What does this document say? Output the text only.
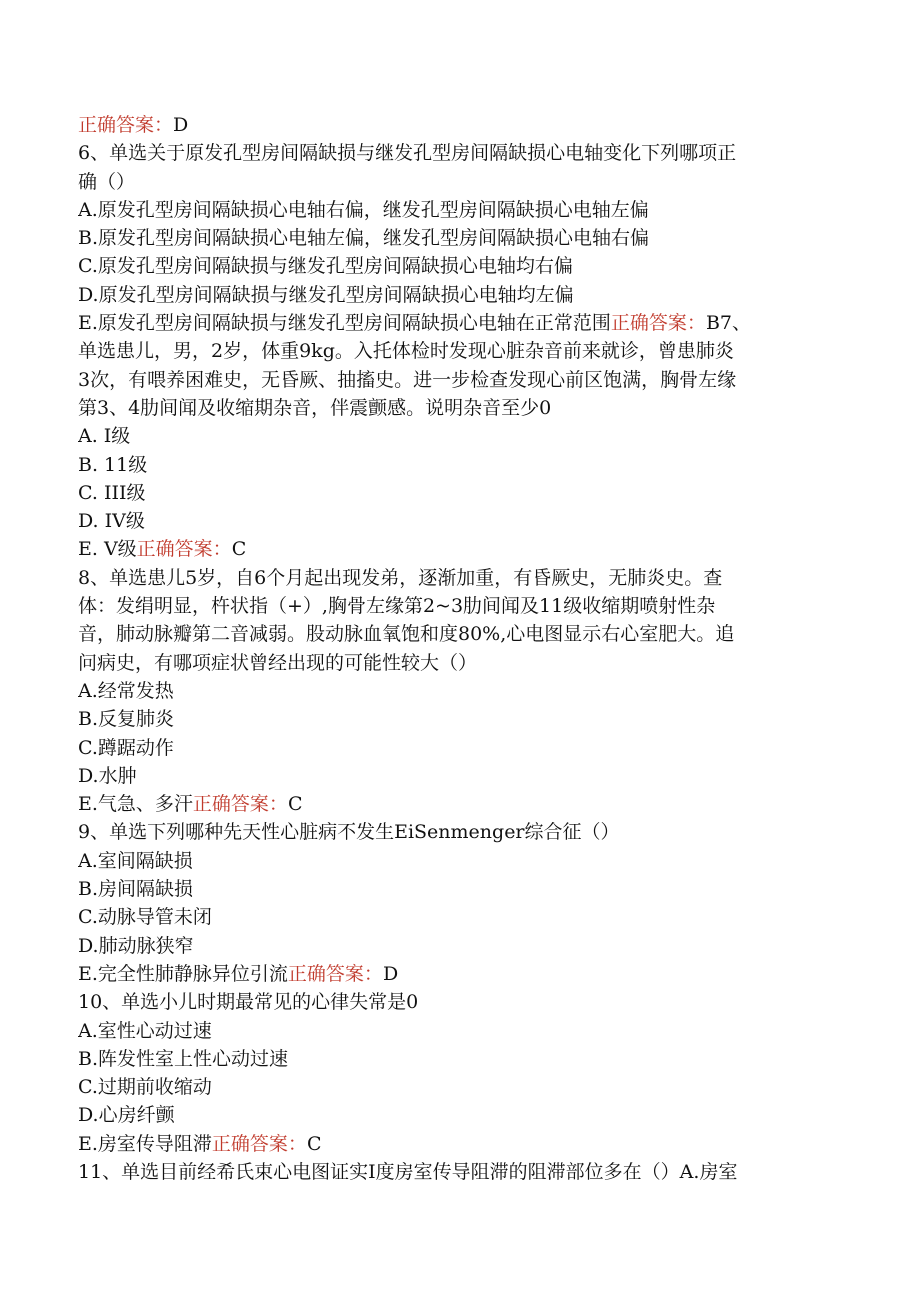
正确答案：D
6、单选关于原发孔型房间隔缺损与继发孔型房间隔缺损心电轴变化下列哪项正
确（）
A.原发孔型房间隔缺损心电轴右偏，继发孔型房间隔缺损心电轴左偏
B.原发孔型房间隔缺损心电轴左偏，继发孔型房间隔缺损心电轴右偏
C.原发孔型房间隔缺损与继发孔型房间隔缺损心电轴均右偏
D.原发孔型房间隔缺损与继发孔型房间隔缺损心电轴均左偏
E.原发孔型房间隔缺损与继发孔型房间隔缺损心电轴在正常范围正确答案：B7、
单选患儿，男，2岁，体重9kg。入托体检时发现心脏杂音前来就诊，曾患肺炎
3次，有喂养困难史，无昏厥、抽搐史。进一步检查发现心前区饱满，胸骨左缘
第3、4肋间闻及收缩期杂音，伴震颤感。说明杂音至少0
A. I级
B. 11级
C. III级
D. IV级
E. V级正确答案：C
8、单选患儿5岁，自6个月起出现发弟，逐渐加重，有昏厥史，无肺炎史。查
体：发绢明显，杵状指（+）,胸骨左缘第2~3肋间闻及11级收缩期喷射性杂
音，肺动脉瓣第二音减弱。股动脉血氧饱和度80%,心电图显示右心室肥大。追
问病史，有哪项症状曾经出现的可能性较大（）
A.经常发热
B.反复肺炎
C.蹲踞动作
D.水肿
E.气急、多汗正确答案：C
9、单选下列哪种先天性心脏病不发生EiSenmenger综合征（）
A.室间隔缺损
B.房间隔缺损
C.动脉导管未闭
D.肺动脉狭窄
E.完全性肺静脉异位引流正确答案：D
10、单选小儿时期最常见的心律失常是0
A.室性心动过速
B.阵发性室上性心动过速
C.过期前收缩动
D.心房纤颤
E.房室传导阻滞正确答案：C
11、单选目前经希氏束心电图证实I度房室传导阻滞的阻滞部位多在（）A.房室
